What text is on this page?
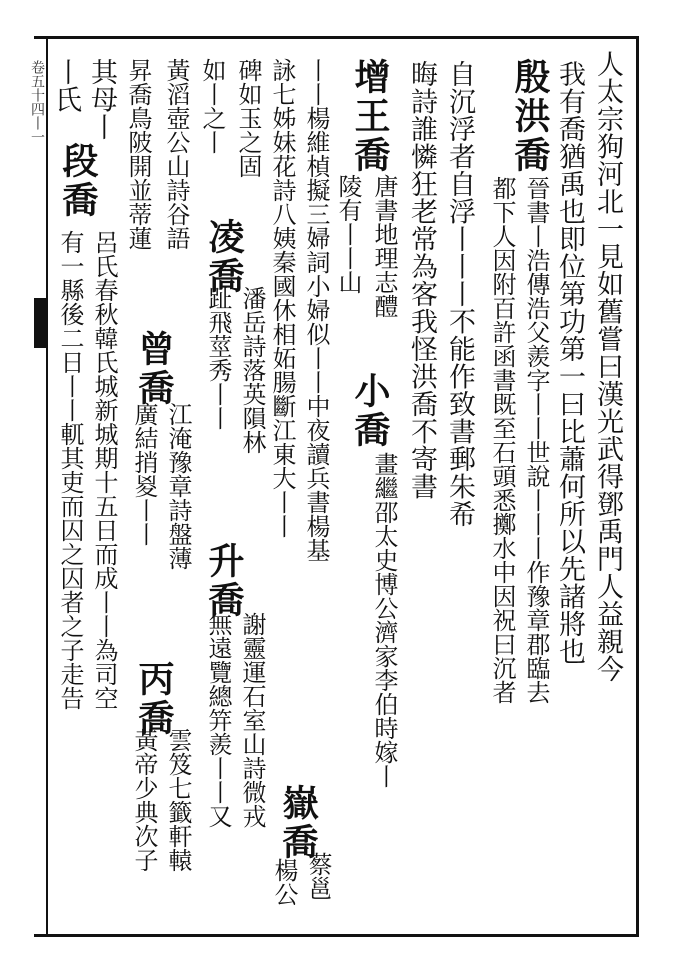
卷五十四丨一	人太宗狗河北一見如舊嘗曰漢光武得鄧禹門人益親今
我有喬猶禹也即位第功第一曰比蕭何所以先諸將也
殷洪喬
晉書丨浩傳浩父羨字丨丨世說丨丨丨作豫章郡臨去
都下人因附百許函書既至石頭悉擲水中因祝曰沉者
自沉浮者自浮丨丨丨不能作致書郵朱希
晦詩誰憐狂老常為客我怪洪喬不寄書
增王喬
唐書地理志醴
陵有丨丨山
小喬
畫繼邵太史博公濟家李伯時嫁丨
丨丨楊維楨擬三婦詞小婦似丨丨中夜讀兵書楊基
嶽喬
蔡邕
詠七姊妹花詩八姨秦國休相妬腸斷江東大丨丨
楊公
碑如玉之固
凌喬
潘岳詩落英隕林
升喬
謝靈運石室山詩微戎
如丨之丨
趾飛莖秀丨丨
無遠覽總笄羨丨丨又
黃滔壺公山詩谷語
曾喬
江淹豫章詩盤薄
丙喬
雲笈七籤軒轅
昇喬鳥陂開並蒂蓮
廣結捎㚇丨丨
黃帝少典次子
其母丨
段喬
呂氏春秋韓氏城新城期十五日而成丨丨為司空
丨氏
有一縣後二日丨丨軏其吏而囚之囚者之子走告
